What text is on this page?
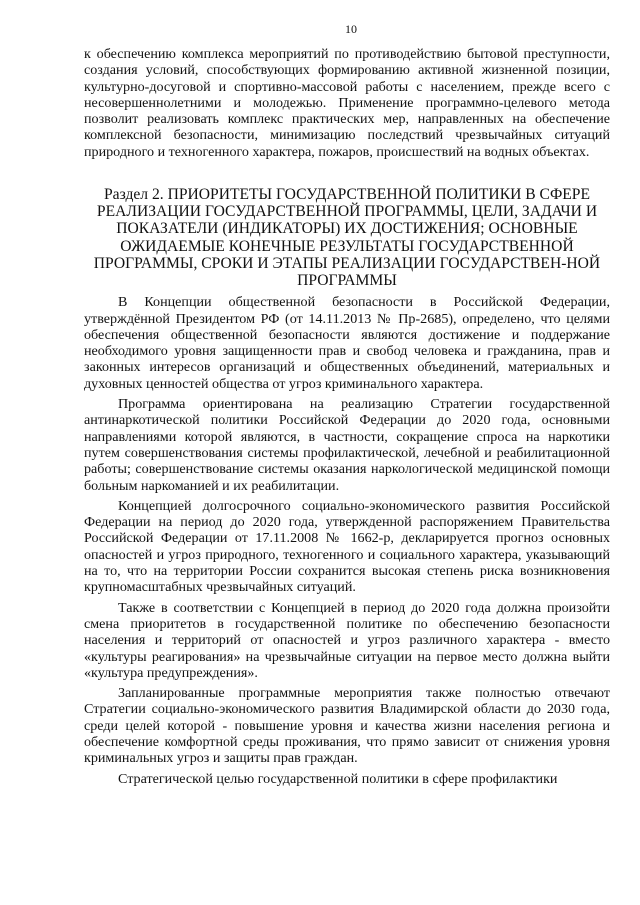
10

к обеспечению комплекса мероприятий по противодействию бытовой преступности, создания условий, способствующих формированию активной жизненной позиции, культурно-досуговой и спортивно-массовой работы с населением, прежде всего с несовершеннолетними и молодежью. Применение программно-целевого метода позволит реализовать комплекс практических мер, направленных на обеспечение комплексной безопасности, минимизацию последствий чрезвычайных ситуаций природного и техногенного характера, пожаров, происшествий на водных объектах.

Раздел 2. ПРИОРИТЕТЫ ГОСУДАРСТВЕННОЙ ПОЛИТИКИ В СФЕРЕ РЕАЛИЗАЦИИ ГОСУДАРСТВЕННОЙ ПРОГРАММЫ, ЦЕЛИ, ЗАДАЧИ И ПОКАЗАТЕЛИ (ИНДИКАТОРЫ) ИХ ДОСТИЖЕНИЯ; ОСНОВНЫЕ ОЖИДАЕМЫЕ КОНЕЧНЫЕ РЕЗУЛЬТАТЫ ГОСУДАРСТВЕННОЙ ПРОГРАММЫ, СРОКИ И ЭТАПЫ РЕАЛИЗАЦИИ ГОСУДАРСТВЕН-НОЙ ПРОГРАММЫ

В Концепции общественной безопасности в Российской Федерации, утверждённой Президентом РФ (от 14.11.2013 № Пр-2685), определено, что целями обеспечения общественной безопасности являются достижение и поддержание необходимого уровня защищенности прав и свобод человека и гражданина, прав и законных интересов организаций и общественных объединений, материальных и духовных ценностей общества от угроз криминального характера.

Программа ориентирована на реализацию Стратегии государственной антинаркотической политики Российской Федерации до 2020 года, основными направлениями которой являются, в частности, сокращение спроса на наркотики путем совершенствования системы профилактической, лечебной и реабилитационной работы; совершенствование системы оказания наркологической медицинской помощи больным наркоманией и их реабилитации.

Концепцией долгосрочного социально-экономического развития Российской Федерации на период до 2020 года, утвержденной распоряжением Правительства Российской Федерации от 17.11.2008 № 1662-р, декларируется прогноз основных опасностей и угроз природного, техногенного и социального характера, указывающий на то, что на территории России сохранится высокая степень риска возникновения крупномасштабных чрезвычайных ситуаций.

Также в соответствии с Концепцией в период до 2020 года должна произойти смена приоритетов в государственной политике по обеспечению безопасности населения и территорий от опасностей и угроз различного характера - вместо «культуры реагирования» на чрезвычайные ситуации на первое место должна выйти «культура предупреждения».

Запланированные программные мероприятия также полностью отвечают Стратегии социально-экономического развития Владимирской области до 2030 года, среди целей которой - повышение уровня и качества жизни населения региона и обеспечение комфортной среды проживания, что прямо зависит от снижения уровня криминальных угроз и защиты прав граждан.

Стратегической целью государственной политики в сфере профилактики
